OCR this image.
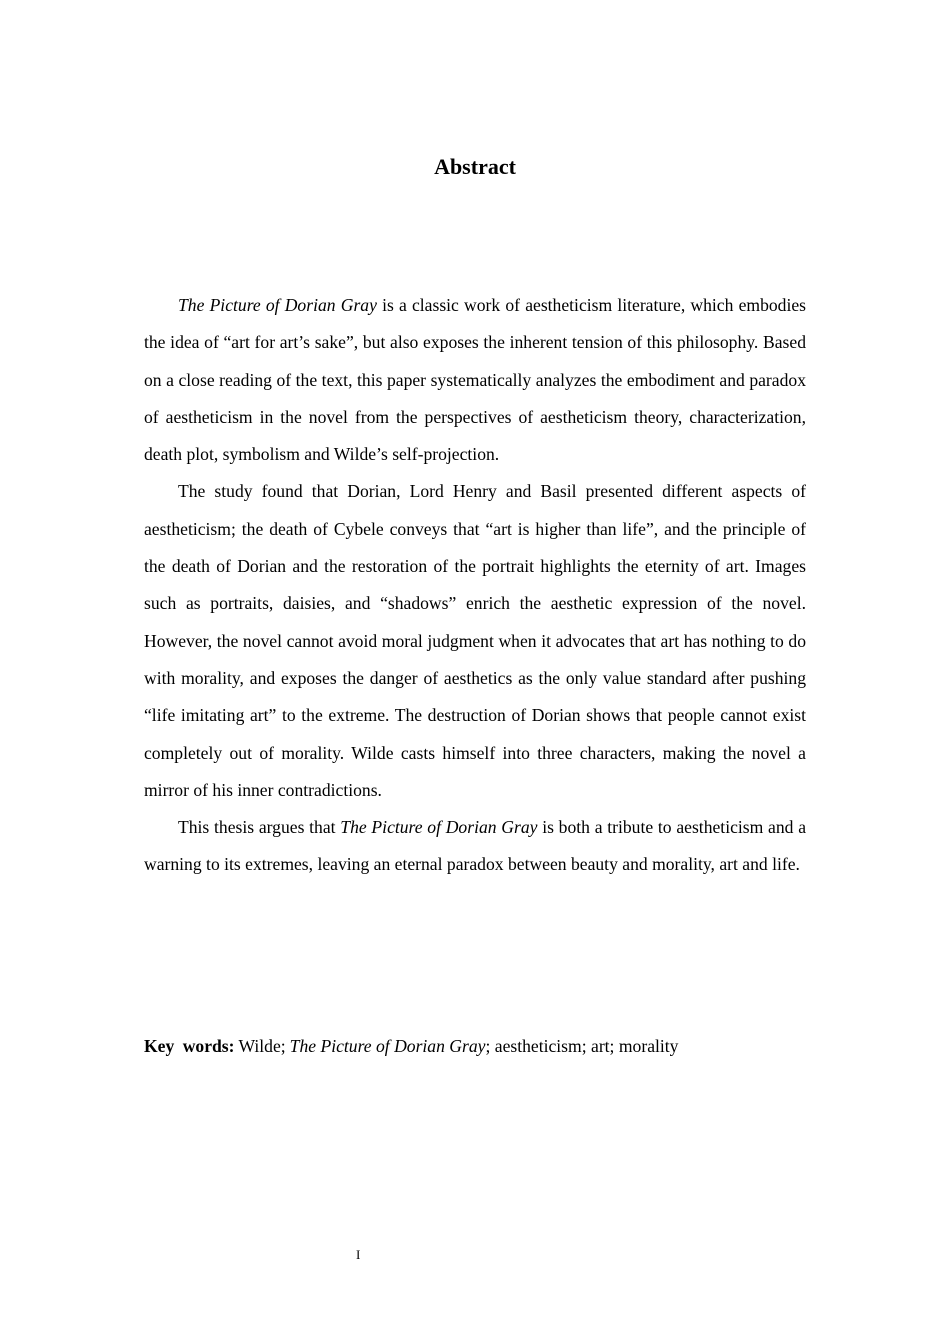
Abstract

The Picture of Dorian Gray is a classic work of aestheticism literature, which embodies the idea of “art for art’s sake”, but also exposes the inherent tension of this philosophy. Based on a close reading of the text, this paper systematically analyzes the embodiment and paradox of aestheticism in the novel from the perspectives of aestheticism theory, characterization, death plot, symbolism and Wilde’s self-projection.

The study found that Dorian, Lord Henry and Basil presented different aspects of aestheticism; the death of Cybele conveys that “art is higher than life”, and the principle of the death of Dorian and the restoration of the portrait highlights the eternity of art. Images such as portraits, daisies, and “shadows” enrich the aesthetic expression of the novel. However, the novel cannot avoid moral judgment when it advocates that art has nothing to do with morality, and exposes the danger of aesthetics as the only value standard after pushing “life imitating art” to the extreme. The destruction of Dorian shows that people cannot exist completely out of morality. Wilde casts himself into three characters, making the novel a mirror of his inner contradictions.

This thesis argues that The Picture of Dorian Gray is both a tribute to aestheticism and a warning to its extremes, leaving an eternal paradox between beauty and morality, art and life.

Key words: Wilde; The Picture of Dorian Gray; aestheticism; art; morality
I
